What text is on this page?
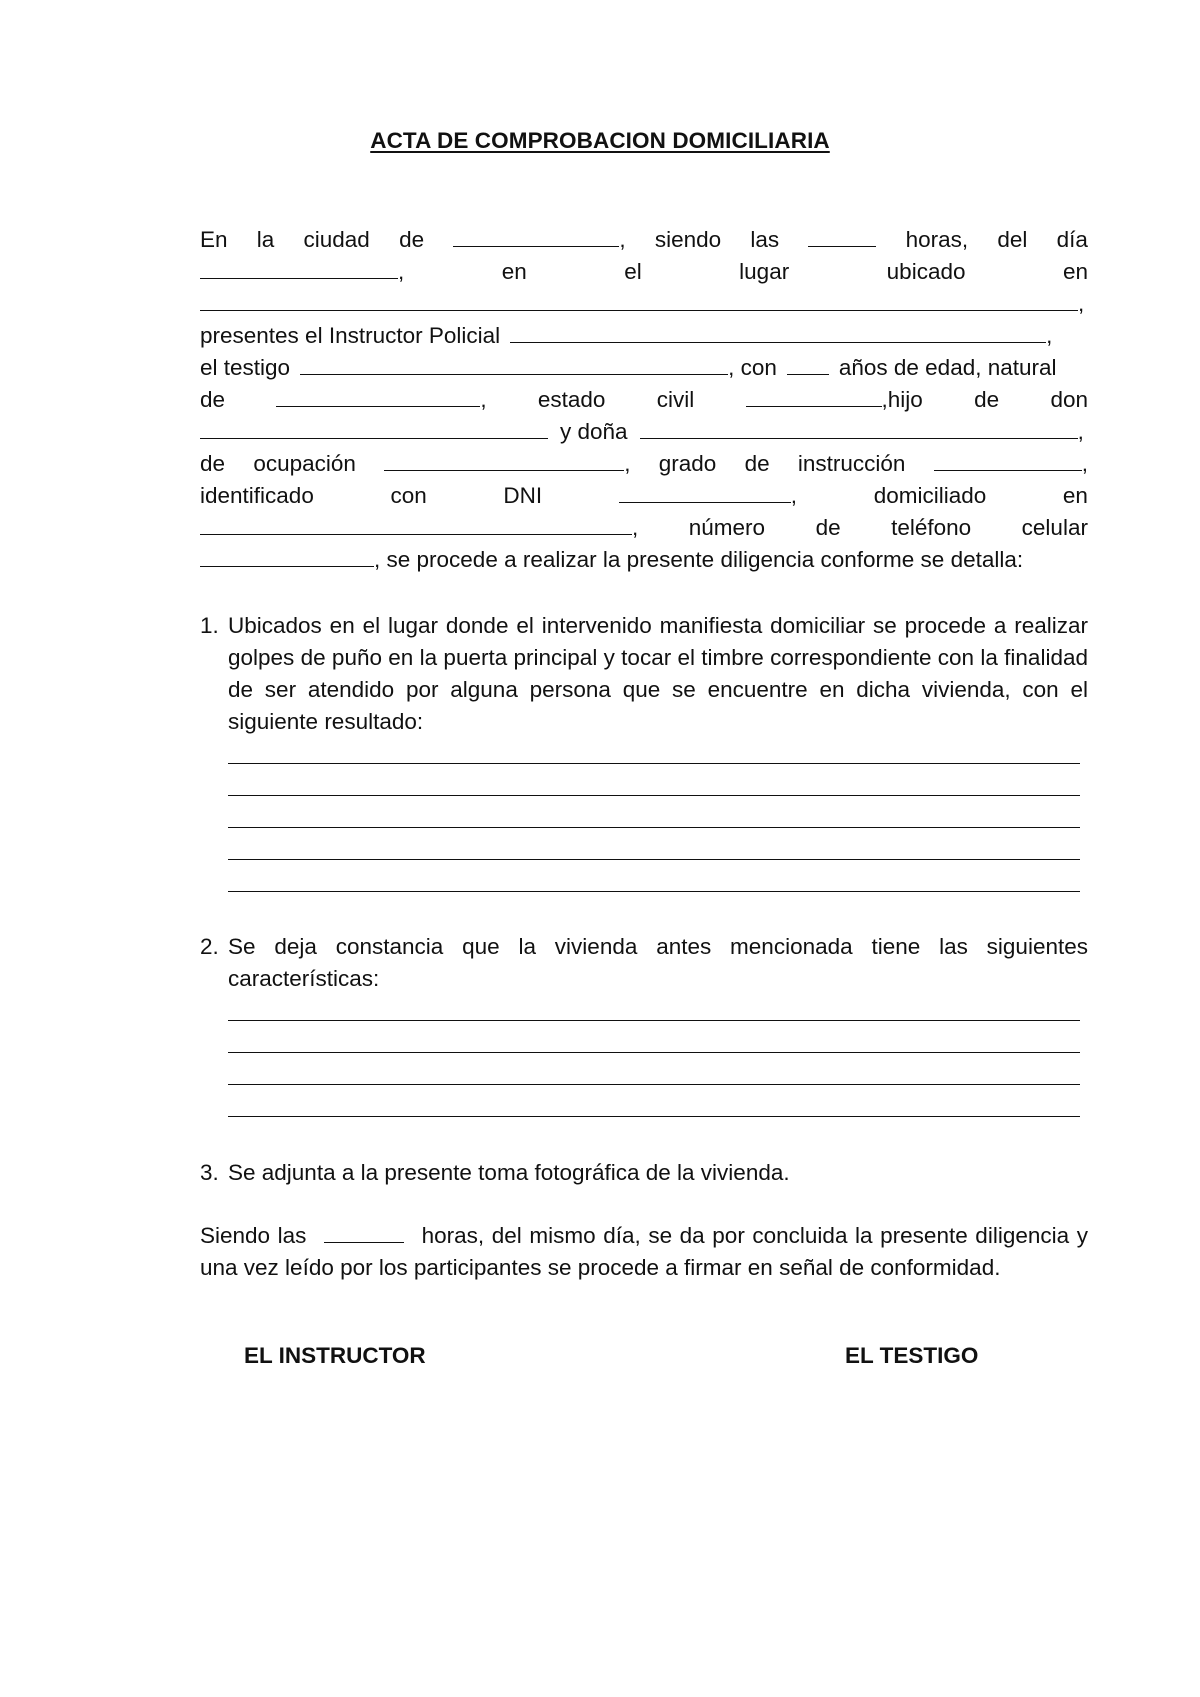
ACTA DE COMPROBACION DOMICILIARIA
En la ciudad de	, siendo las	horas, del día
,	en	el	lugar	ubicado	en
,
presentes el Instructor Policial	,
el testigo	, con	años de edad, natural
de	, estado civil	,hijo de don
y doña	,
de ocupación	, grado de instrucción	,
identificado	con	DNI	,	domiciliado	en
, número de teléfono celular
, se procede a realizar la presente diligencia conforme se detalla:
1. Ubicados en el lugar donde el intervenido manifiesta domiciliar se procede a realizar golpes de puño en la puerta principal y tocar el timbre correspondiente con la finalidad de ser atendido por alguna persona que se encuentre en dicha vivienda, con el siguiente resultado:
2. Se deja constancia que la vivienda antes mencionada tiene las siguientes características:
3. Se adjunta a la presente toma fotográfica de la vivienda.
Siendo las	horas, del mismo día, se da por concluida la presente diligencia y una vez leído por los participantes se procede a firmar en señal de conformidad.
EL INSTRUCTOR	EL TESTIGO
